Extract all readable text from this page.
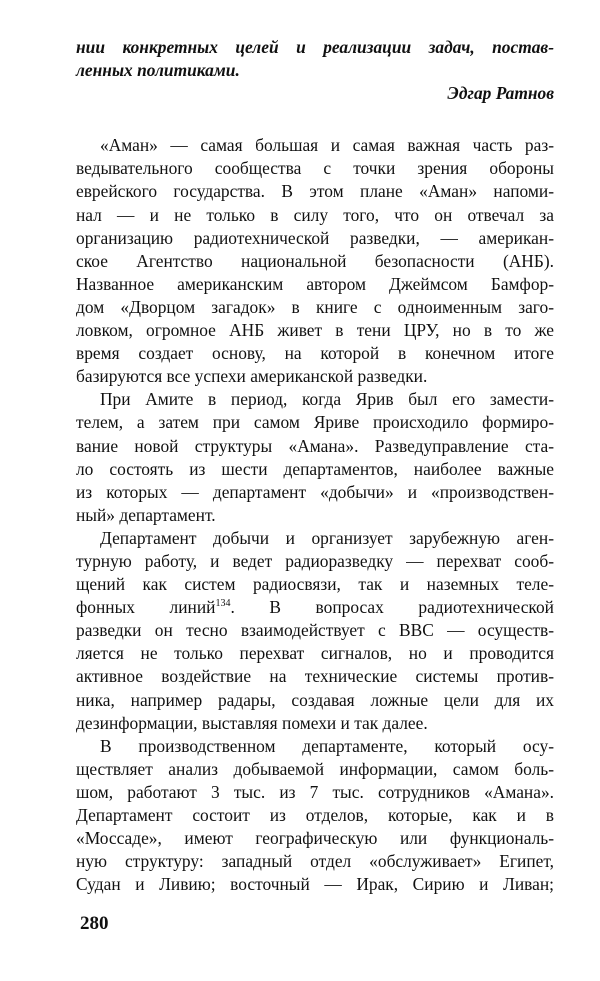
нии конкретных целей и реализации задач, постав-
ленных политиками.
Эдгар Ратнов
«Аман» — самая большая и самая важная часть раз-
ведывательного сообщества с точки зрения обороны
еврейского государства. В этом плане «Аман» напоми-
нал — и не только в силу того, что он отвечал за
организацию радиотехнической разведки, — американ-
ское Агентство национальной безопасности (АНБ).
Названное американским автором Джеймсом Бамфор-
дом «Дворцом загадок» в книге с одноименным заго-
ловком, огромное АНБ живет в тени ЦРУ, но в то же
время создает основу, на которой в конечном итоге
базируются все успехи американской разведки.
При Амите в период, когда Ярив был его замести-
телем, а затем при самом Яриве происходило формиро-
вание новой структуры «Амана». Разведуправление ста-
ло состоять из шести департаментов, наиболее важные
из которых — департамент «добычи» и «производствен-
ный» департамент.
Департамент добычи и организует зарубежную аген-
турную работу, и ведет радиоразведку — перехват сооб-
щений как систем радиосвязи, так и наземных теле-
фонных линий$^{134}$. В вопросах радиотехнической
разведки он тесно взаимодействует с ВВС — осуществ-
ляется не только перехват сигналов, но и проводится
активное воздействие на технические системы против-
ника, например радары, создавая ложные цели для их
дезинформации, выставляя помехи и так далее.
В производственном департаменте, который осу-
ществляет анализ добываемой информации, самом боль-
шом, работают 3 тыс. из 7 тыс. сотрудников «Амана».
Департамент состоит из отделов, которые, как и в
«Моссаде», имеют географическую или функциональ-
ную структуру: западный отдел «обслуживает» Египет,
Судан и Ливию; восточный — Ирак, Сирию и Ливан;
280
